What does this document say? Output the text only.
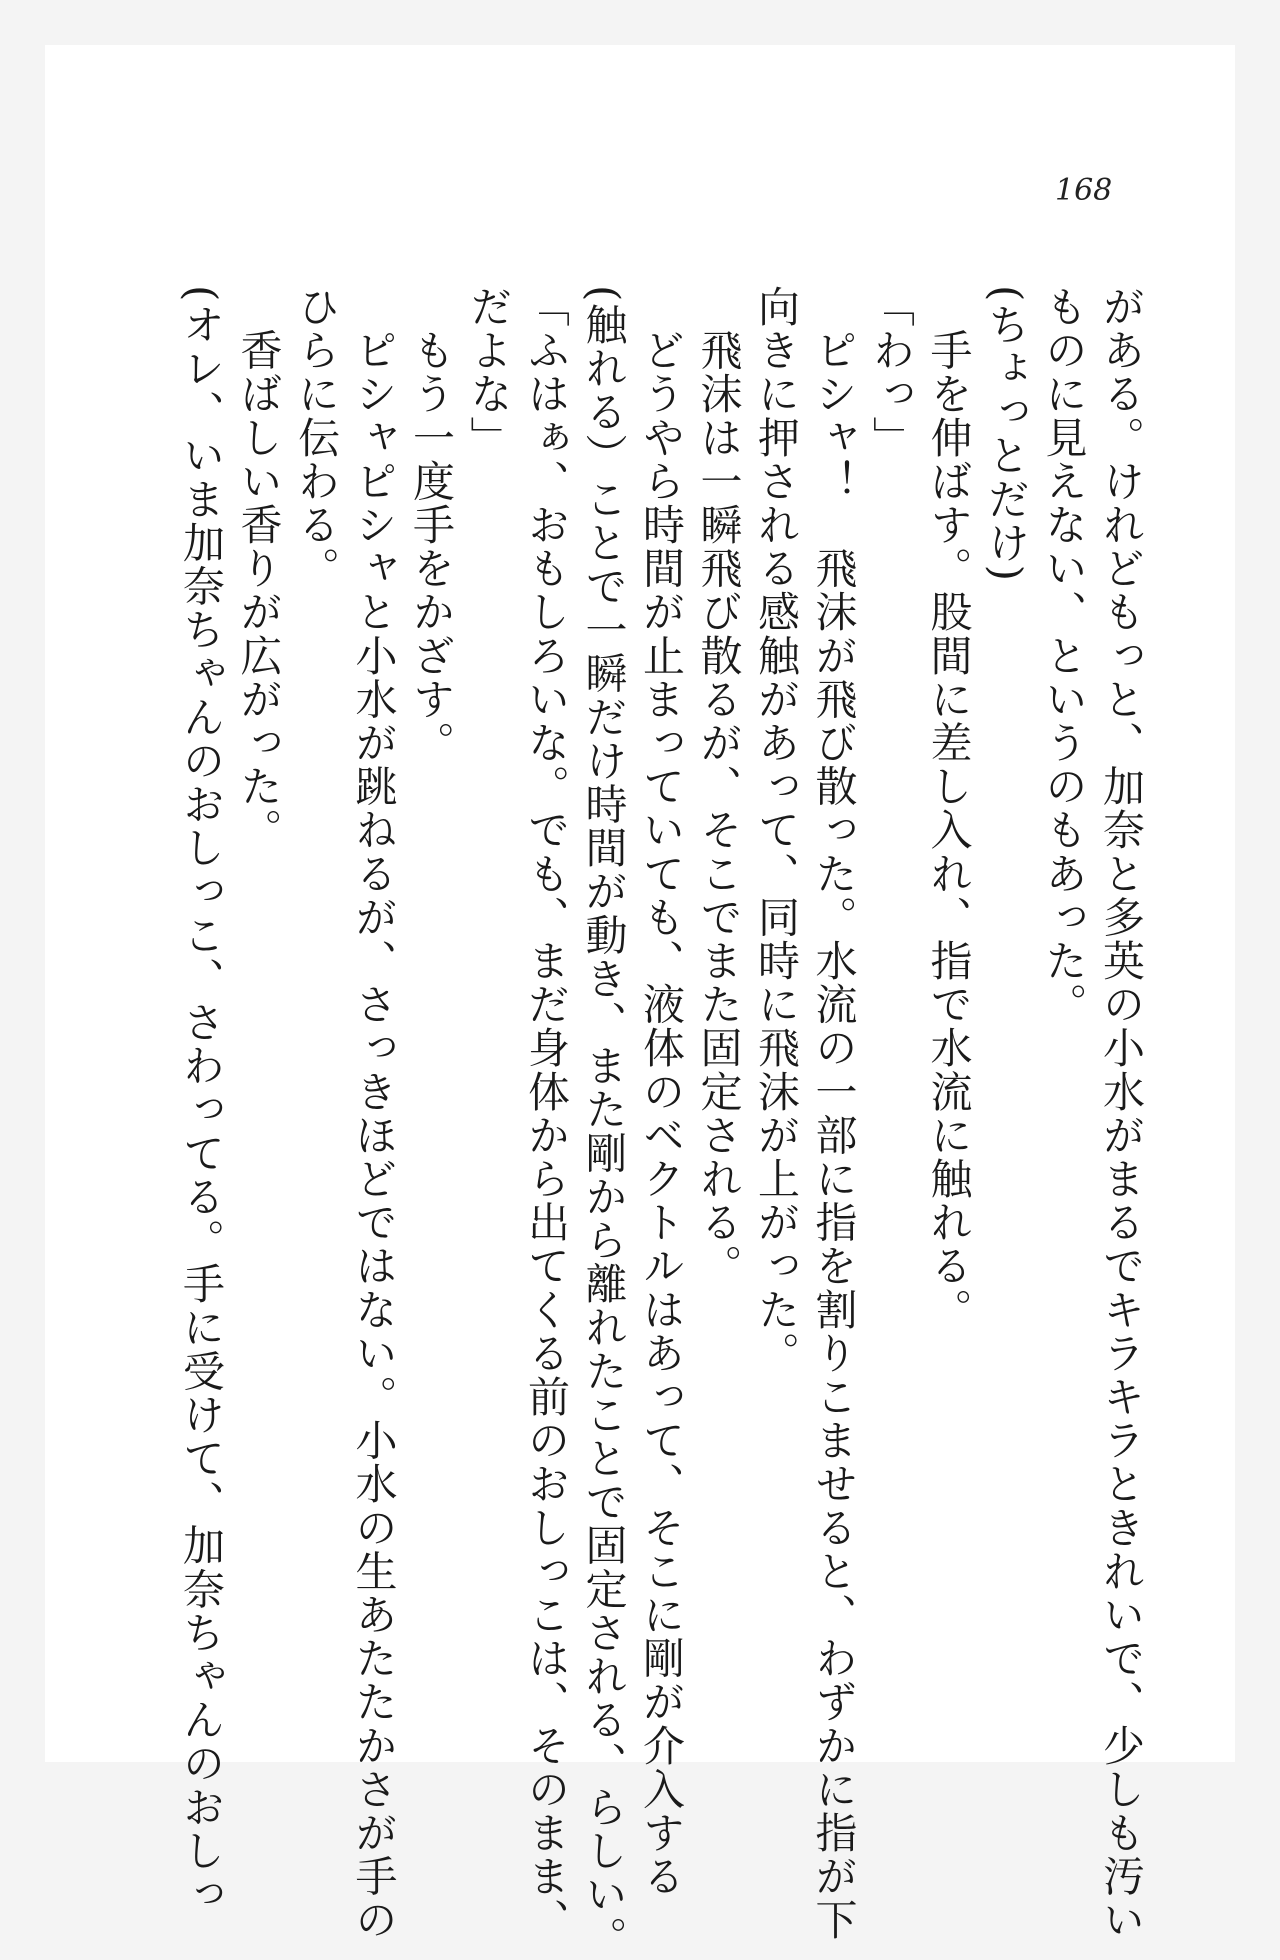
168
がある。けれどもっと、加奈と多英の小水がまるでキラキラときれいで、少しも汚い
ものに見えない、というのもあった。
(ちょっとだけ)
　手を伸ばす。股間に差し入れ、指で水流に触れる。
「わっ」
　ピシャ！　飛沫が飛び散った。水流の一部に指を割りこませると、わずかに指が下
向きに押される感触があって、同時に飛沫が上がった。
　飛沫は一瞬飛び散るが、そこでまた固定される。
　どうやら時間が止まっていても、液体のベクトルはあって、そこに剛が介入する
(触れる）ことで一瞬だけ時間が動き、また剛から離れたことで固定される、らしい。
「ふはぁ、おもしろいな。でも、まだ身体から出てくる前のおしっこは、そのまま、
だよな」
　もう一度手をかざす。
　ピシャピシャと小水が跳ねるが、さっきほどではない。小水の生あたたかさが手の
ひらに伝わる。
　香ばしい香りが広がった。
(オレ、いま加奈ちゃんのおしっこ、さわってる。手に受けて、加奈ちゃんのおしっ
